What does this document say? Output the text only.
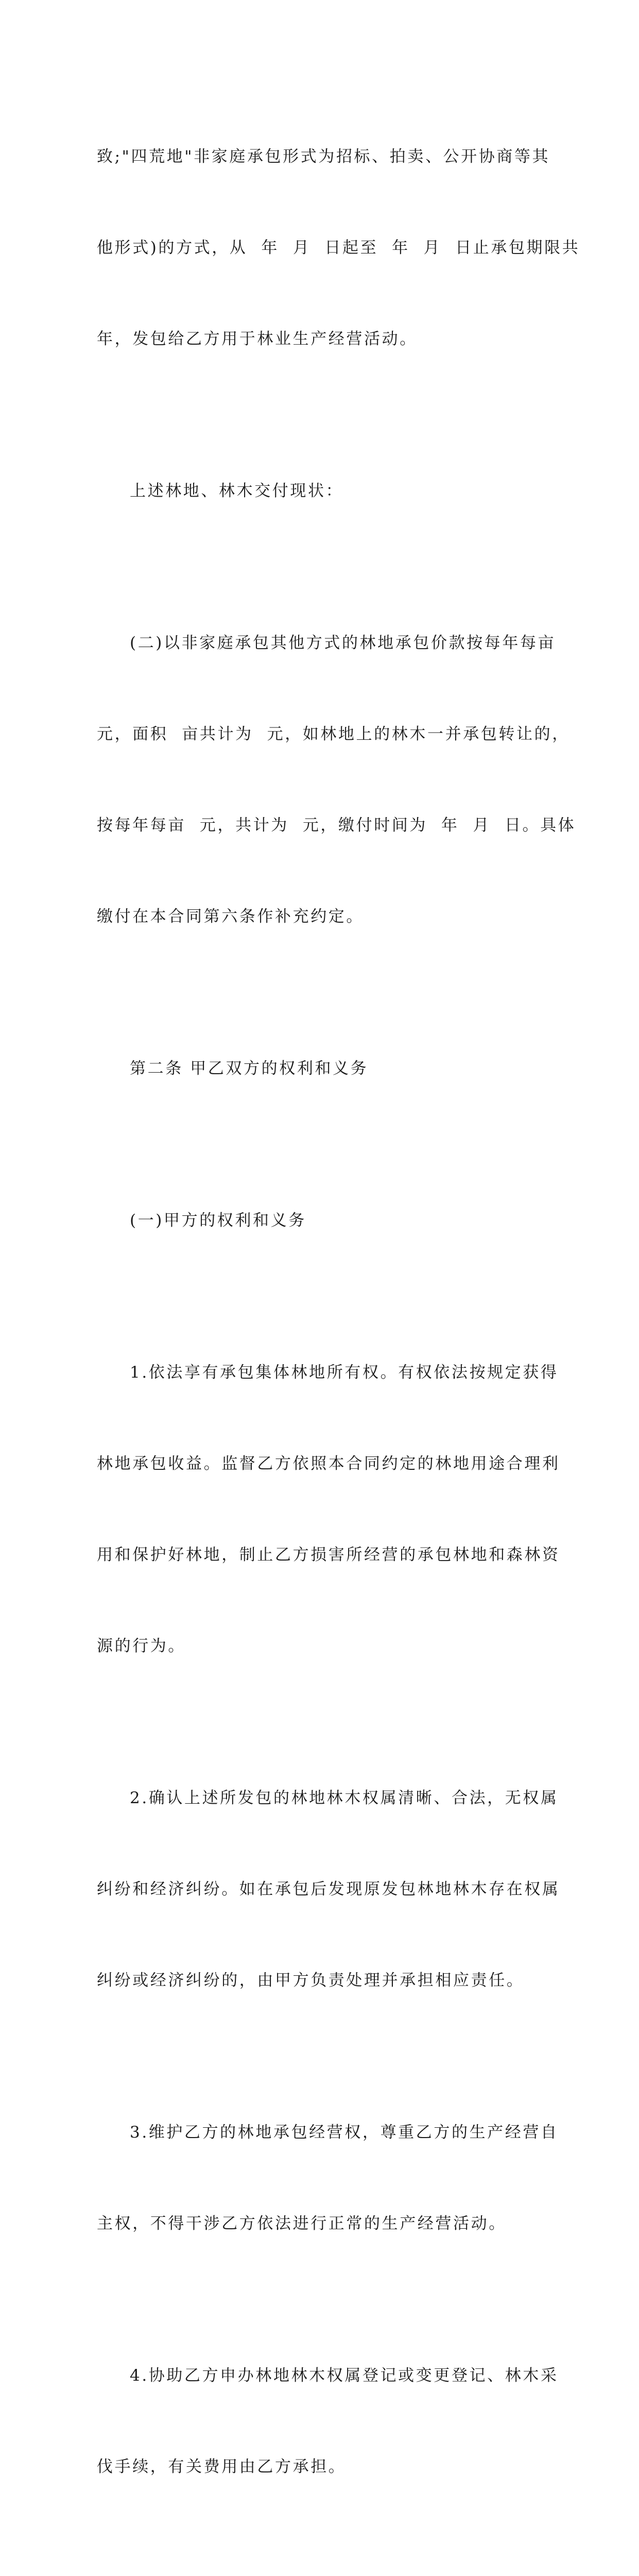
致;"四荒地"非家庭承包形式为招标、拍卖、公开协商等其

他形式)的方式，从  年  月  日起至  年  月  日止承包期限共

年，发包给乙方用于林业生产经营活动。

上述林地、林木交付现状：

(二)以非家庭承包其他方式的林地承包价款按每年每亩

元，面积  亩共计为  元，如林地上的林木一并承包转让的，

按每年每亩  元，共计为  元，缴付时间为  年  月  日。具体

缴付在本合同第六条作补充约定。

第二条 甲乙双方的权利和义务

(一)甲方的权利和义务

1.依法享有承包集体林地所有权。有权依法按规定获得

林地承包收益。监督乙方依照本合同约定的林地用途合理利

用和保护好林地，制止乙方损害所经营的承包林地和森林资

源的行为。

2.确认上述所发包的林地林木权属清晰、合法，无权属

纠纷和经济纠纷。如在承包后发现原发包林地林木存在权属

纠纷或经济纠纷的，由甲方负责处理并承担相应责任。

3.维护乙方的林地承包经营权，尊重乙方的生产经营自

主权，不得干涉乙方依法进行正常的生产经营活动。

4.协助乙方申办林地林木权属登记或变更登记、林木采

伐手续，有关费用由乙方承担。
